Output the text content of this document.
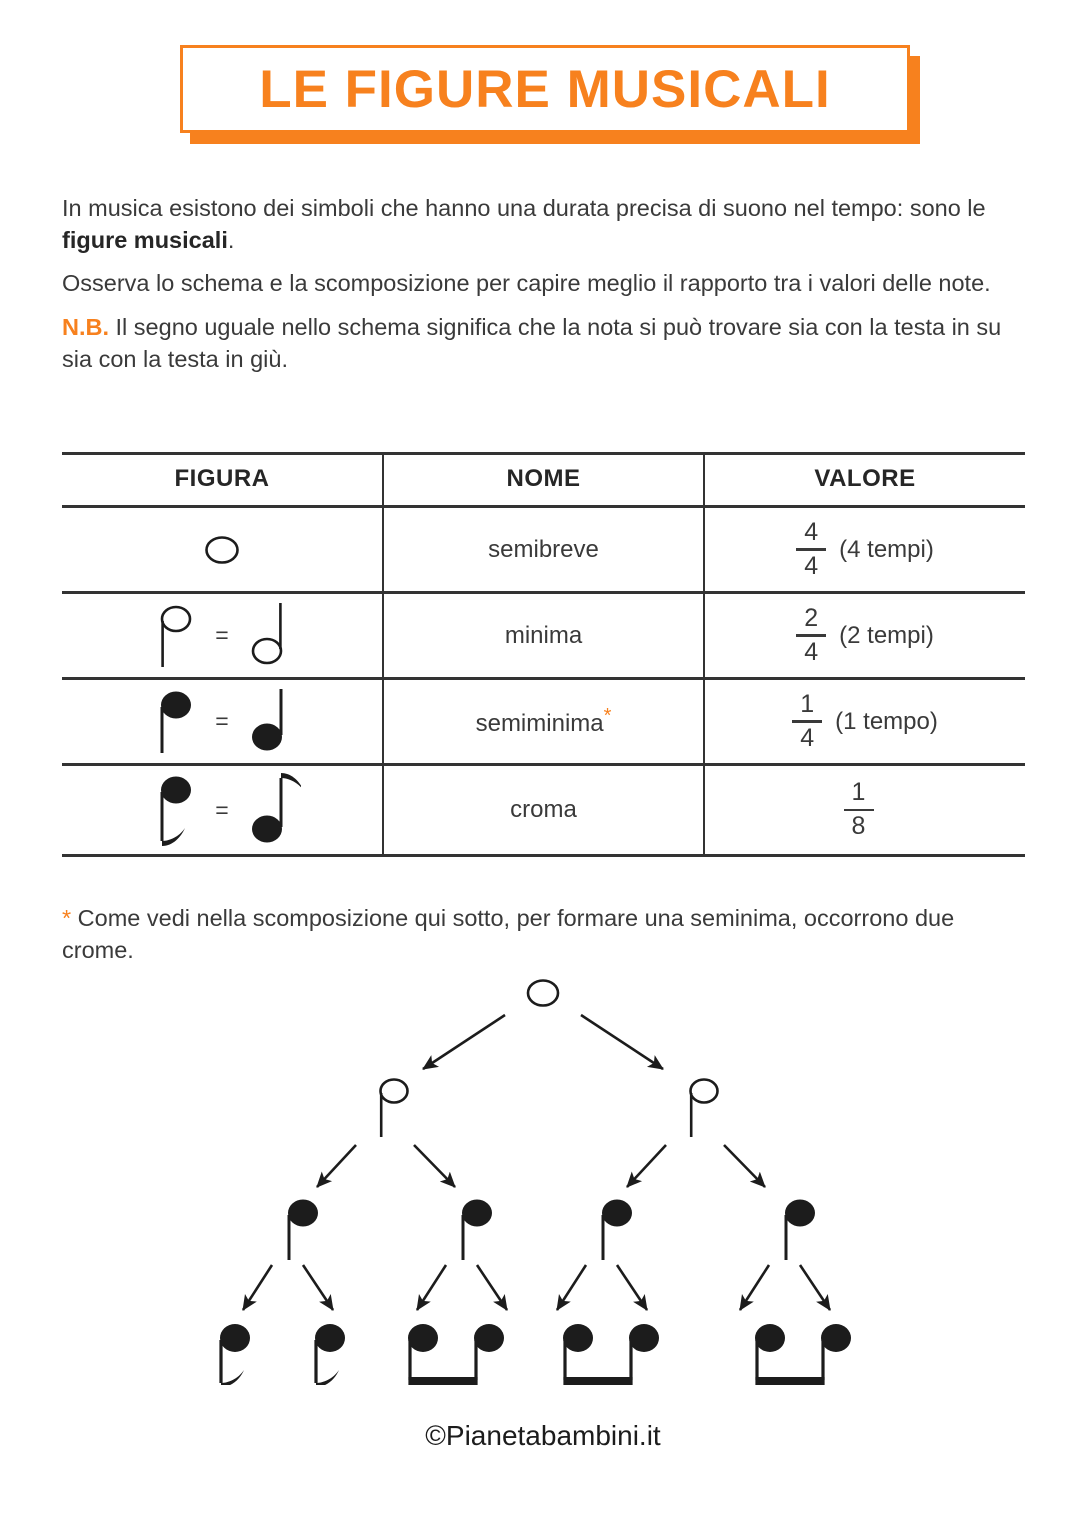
LE FIGURE MUSICALI

In musica esistono dei simboli che hanno una durata precisa di suono nel tempo: sono le figure musicali.

Osserva lo schema e la scomposizione per capire meglio il rapporto tra i valori delle note.

N.B. Il segno uguale nello schema significa che la nota si può trovare sia con la testa in su sia con la testa in giù.

FIGURA	NOME	VALORE

	semibreve	$\frac{4}{4} (4$ tempi)

=	minima	$\frac{2}{4} (2$ tempi)

=	semiminima*	$\frac{1}{4} (1$ tempo)

=	croma	$\frac{1}{8}$
* Come vedi nella scomposizione qui sotto, per formare una seminima, occorrono due crome.
©Pianetabambini.it
